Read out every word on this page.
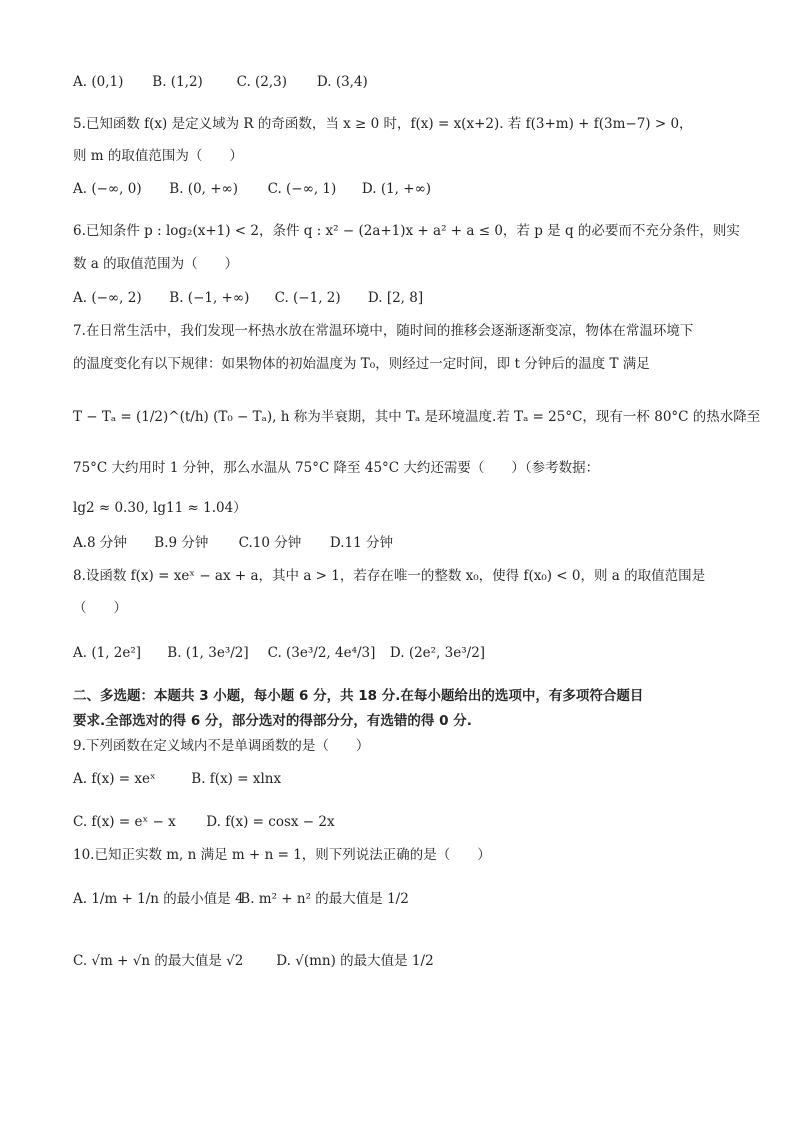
A. (0,1) B. (1,2)	C. (2,3) D. (3,4)
5.已知函数 f(x) 是定义域为 R 的奇函数，当 x ≥ 0 时，f(x) = x(x+2). 若 f(3+m) + f(3m−7) > 0，
则 m 的取值范围为（　　）
A. (−∞, 0) B. (0, +∞) C. (−∞, 1) D. (1, +∞)
6.已知条件 p : log₂(x+1) < 2，条件 q : x² − (2a+1)x + a² + a ≤ 0，若 p 是 q 的必要而不充分条件，则实
数 a 的取值范围为（　　）
A. (−∞, 2) B. (−1, +∞) C. (−1, 2) D. [2, 8]
7.在日常生活中，我们发现一杯热水放在常温环境中，随时间的推移会逐渐逐渐变凉，物体在常温环境下
的温度变化有以下规律：如果物体的初始温度为 T₀，则经过一定时间，即 t 分钟后的温度 T 满足
T − Tₐ = (1/2)^(t/h) (T₀ − Tₐ), h 称为半衰期，其中 Tₐ 是环境温度.若 Tₐ = 25°C，现有一杯 80°C 的热水降至
75°C 大约用时 1 分钟，那么水温从 75°C 降至 45°C 大约还需要（　　）（参考数据：
lg2 ≈ 0.30, lg11 ≈ 1.04）
A.8 分钟 B.9 分钟 C.10 分钟 D.11 分钟
8.设函数 f(x) = xeˣ − ax + a，其中 a > 1，若存在唯一的整数 x₀，使得 f(x₀) < 0，则 a 的取值范围是
（　　）
A. (1, 2e²] B. (1, 3e³/2] C. (3e³/2, 4e⁴/3] D. (2e², 3e³/2]
二、多选题：本题共 3 小题，每小题 6 分，共 18 分.在每小题给出的选项中，有多项符合题目
要求.全部选对的得 6 分，部分选对的得部分分，有选错的得 0 分.
9.下列函数在定义域内不是单调函数的是（　　）
A. f(x) = xeˣ	B. f(x) = xlnx
C. f(x) = eˣ − x D. f(x) = cosx − 2x
10.已知正实数 m, n 满足 m + n = 1，则下列说法正确的是（　　）
A. 1/m + 1/n 的最小值是 4 B. m² + n² 的最大值是 1/2
C. √m + √n 的最大值是 √2 D. √(mn) 的最大值是 1/2
